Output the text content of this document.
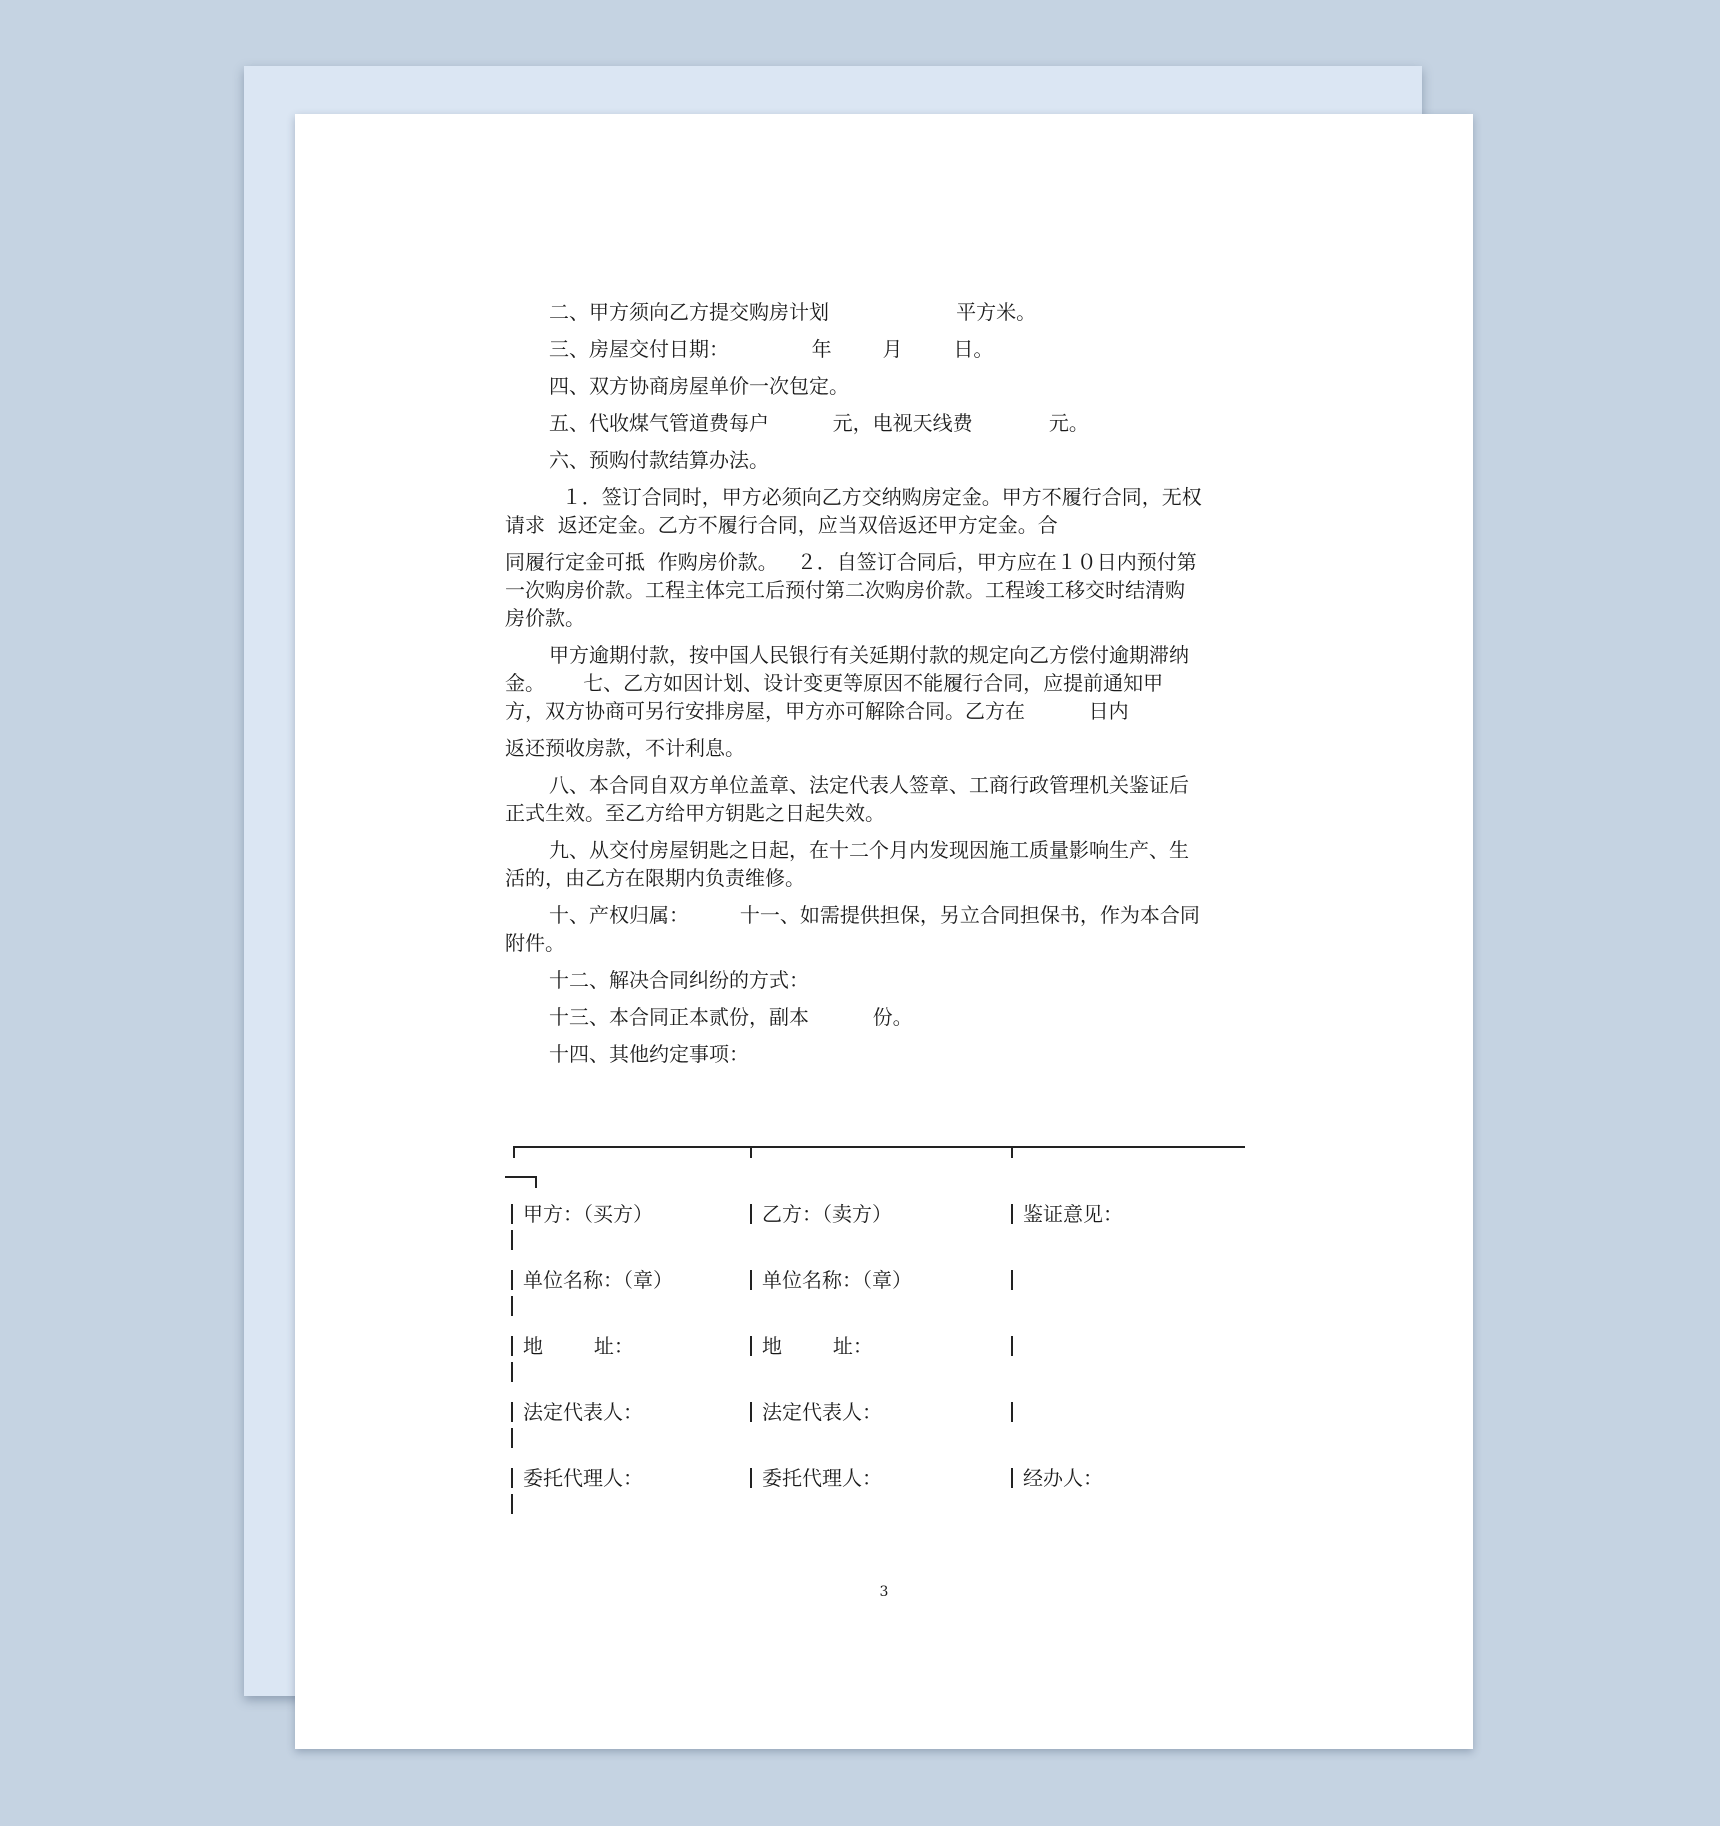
二、甲方须向乙方提交购房计划                    平方米。
三、房屋交付日期：             年        月        日。
四、双方协商房屋单价一次包定。
五、代收煤气管道费每户          元，电视天线费            元。
六、预购付款结算办法。
１．签订合同时，甲方必须向乙方交纳购房定金。甲方不履行合同，无权
请求  返还定金。乙方不履行合同，应当双倍返还甲方定金。合
同履行定金可抵  作购房价款。   ２．自签订合同后，甲方应在１０日内预付第
一次购房价款。工程主体完工后预付第二次购房价款。工程竣工移交时结清购
房价款。
甲方逾期付款，按中国人民银行有关延期付款的规定向乙方偿付逾期滞纳
金。      七、乙方如因计划、设计变更等原因不能履行合同，应提前通知甲
方，双方协商可另行安排房屋，甲方亦可解除合同。乙方在          日内
返还预收房款，不计利息。
八、本合同自双方单位盖章、法定代表人签章、工商行政管理机关鉴证后
正式生效。至乙方给甲方钥匙之日起失效。
九、从交付房屋钥匙之日起，在十二个月内发现因施工质量影响生产、生
活的，由乙方在限期内负责维修。
十、产权归属：        十一、如需提供担保，另立合同担保书，作为本合同
附件。
十二、解决合同纠纷的方式：
十三、本合同正本贰份，副本          份。
十四、其他约定事项：
甲方：（买方）	乙方：（卖方）	鉴证意见：
单位名称：（章）	单位名称：（章）
地        址：	地        址：
法定代表人：	法定代表人：
委托代理人：	委托代理人：	经办人：
3
